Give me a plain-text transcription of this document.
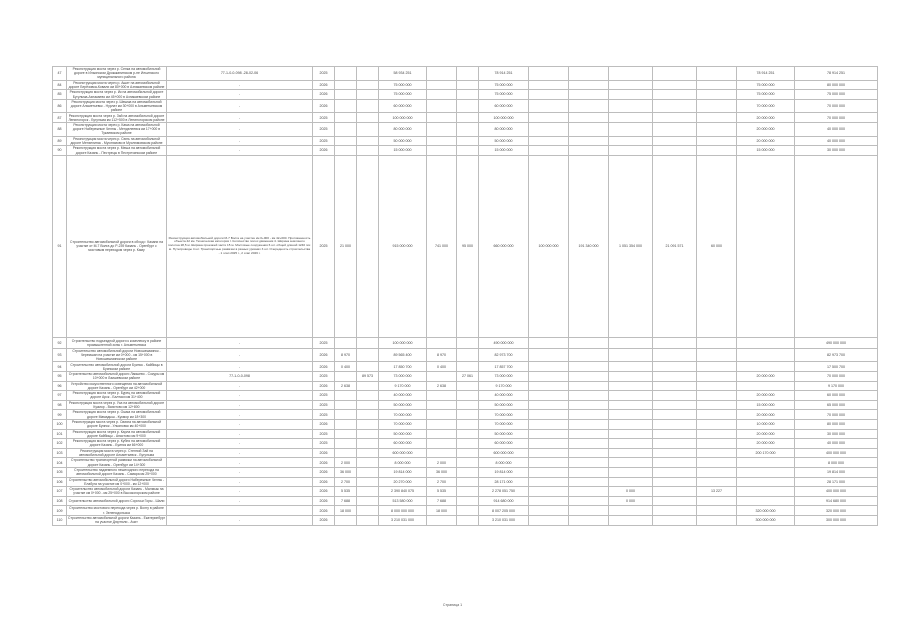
47	Реконструкция моста через р. Сенка на автомобильной дороге в Ильинском Дрожжанинском р-не Ильинского муниципального района	77-1-0-0-098 -28-02-06	2025			58 934 251			78 914 251						78 914 251	78 914 251
84	Реконструкция моста через р. Ашит на автомобильной дороге Берёзовка-Ковали км 80+000 в Азнакаевском районе	-	2026			75 000 000			75 000 000						75 000 000	80 000 000
85	Реконструкция моста через р. Ик на автомобильной дороге Бугульма-Азнакаево км 45+000 в Азнакаевском районе	-	2026			75 000 000			75 000 000						75 000 000	75 000 000
86	Реконструкция моста через р. Шешма на автомобильной дороге Альметьевск - Нурлат км 30+000 в Альметьевском районе	-	2026			60 000 000			60 000 000						70 000 000	70 000 000
87	Реконструкция моста через р. Зай на автомобильной дороге Лениногорск - Бугульма км 112+500 в Лениногорском районе	-	2025			100 000 000			100 000 000						20 000 000	70 000 000
88	Реконструкция моста через р. Кама на автомобильной дороге Набережные Челны - Менделеевск км 17+000 в Тукаевском районе	-	2025			80 000 000			80 000 000						20 000 000	40 000 000
89	Реконструкция моста через р. Сюнь на автомобильной дороге Мензелинск - Муслюмово в Муслюмовском районе	-	2025			50 000 000			50 000 000						20 000 000	40 000 000
90	Реконструкция моста через р. Меша на автомобильной дороге Казань - Пестрецы в Пестречинском районе	-	2026			15 000 000			15 000 000						15 000 000	30 000 000
91	Строительство автомобильной дороги в обход г. Казани на участке от М-7 Волга до Р-239 Казань - Оренбург с мостовым переходом через р. Каму	Реконструкция автомобильной дороги М-7 Волга на участке км 0+000 - км 42+000. Протяженность объекта 42 км. Техническая категория I. Количество полос движения 4. Ширина земляного полотна 28,5 м. Ширина проезжей части 15 м. Мостовые сооружения 6 шт. общей длиной 1240 пог. м. Путепроводы 4 шт. Транспортные развязки в разных уровнях 3 шт. Очередность строительства - 1 этап 2025 г., 2 этап 2026 г.	2025	21 000		915 000 000	741 000	95 000	660 000 000	100 000 000	191 340 000	1 051 354 000	21 091 571	60 000		
92	Строительство подъездной дороги к комплексу в районе промышленной зоны г. Альметьевска	-	2025			100 000 000			490 000 000							490 000 000
93	Строительство автомобильной дороги Новошешминск - Черемшан на участке км 0+000 - км 15+000 в Новошешминском районе	-	2026	8 970		89 565 400	8 970		82 973 700							82 973 700
94	Строительство автомобильной дороги Буинск - Кайбицы в Буинском районе	-	2026	0 400		17 850 700	0 400		17 857 700							17 500 700
95	Строительство автомобильной дороги Лаишево - Сокуры км 10+000 в Лаишевском районе	77-1-0-0-098	2025		89 573	73 000 000		27 061	73 000 000						20 000 000	70 000 000
96	Устройство искусственного освещения на автомобильной дороге Казань - Оренбург км 42+000	-	2026	2 638		9 170 000	2 638		9 170 000							9 170 000
97	Реконструкция моста через р. Бурец на автомобильной дороге Арск - Балтаси км 31+400	-	2025			40 000 000			40 000 000						20 000 000	60 000 000
98	Реконструкция моста через р. Уса на автомобильной дороге Кукмор - Вахитово км 12+800	-	2025			50 000 000			50 000 000						15 000 000	65 000 000
99	Реконструкция моста через р. Ошма на автомобильной дороге Мамадыш - Кукмор км 18+300	-	2025			70 000 000			70 000 000						20 000 000	70 000 000
100	Реконструкция моста через р. Свияга на автомобильной дороге Буинск - Ульяновск км 40+000	-	2026			70 000 000			70 000 000						10 000 000	80 000 000
101	Реконструкция моста через р. Карла на автомобильной дороге Кайбицы - Апастово км 9+000	-	2025			50 000 000			50 000 000						20 000 000	30 000 000
102	Реконструкция моста через р. Кубня на автомобильной дороге Казань - Буинск км 66+000	-	2025			60 000 000			60 000 000						20 000 000	40 000 000
103	Реконструкция моста через р. Степной Зай на автомобильной дороге Альметьевск - Бугульма	-	2026			600 000 000			600 000 000						200 170 000	400 000 000
104	Строительство транспортной развязки на автомобильной дороге Казань - Оренбург км 14+300	-	2026	2 000		8 000 000	2 000		8 000 000							8 000 000
105	Строительство надземного пешеходного перехода на автомобильной дороге Казань - Самара км 25+000	-	2026	36 000		19 814 000	36 000		19 814 000							19 814 000
106	Строительство автомобильной дороги Набережные Челны - Елабуга на участке км 0+000 - км 12+000	-	2026	2 700		20 270 000	2 700		28 171 000							28 171 000
107	Строительство автомобильной дороги Казань - Малмыж на участке км 0+000 - км 25+000 в Высокогорском районе	-	2026	5 535		2 390 840 075	5 535		2 278 051 750			0 000		13 227		400 000 000
108	Строительство автомобильной дороги Сорочьи Горы - Шали	-	2026	7 688		513 580 000	7 688		914 680 000			0 000				914 680 000
109	Строительство мостового перехода через р. Волгу в районе г. Зеленодольска		2026	18 000		8 000 000 000	18 000		8 007 205 000						320 000 000	320 000 000
110	Строительство автомобильной дороги Казань - Екатеринбург на участке Дюртюли - Ачит	-	2026			3 210 031 000			3 210 031 000						300 000 000	300 000 000
Страница 1
